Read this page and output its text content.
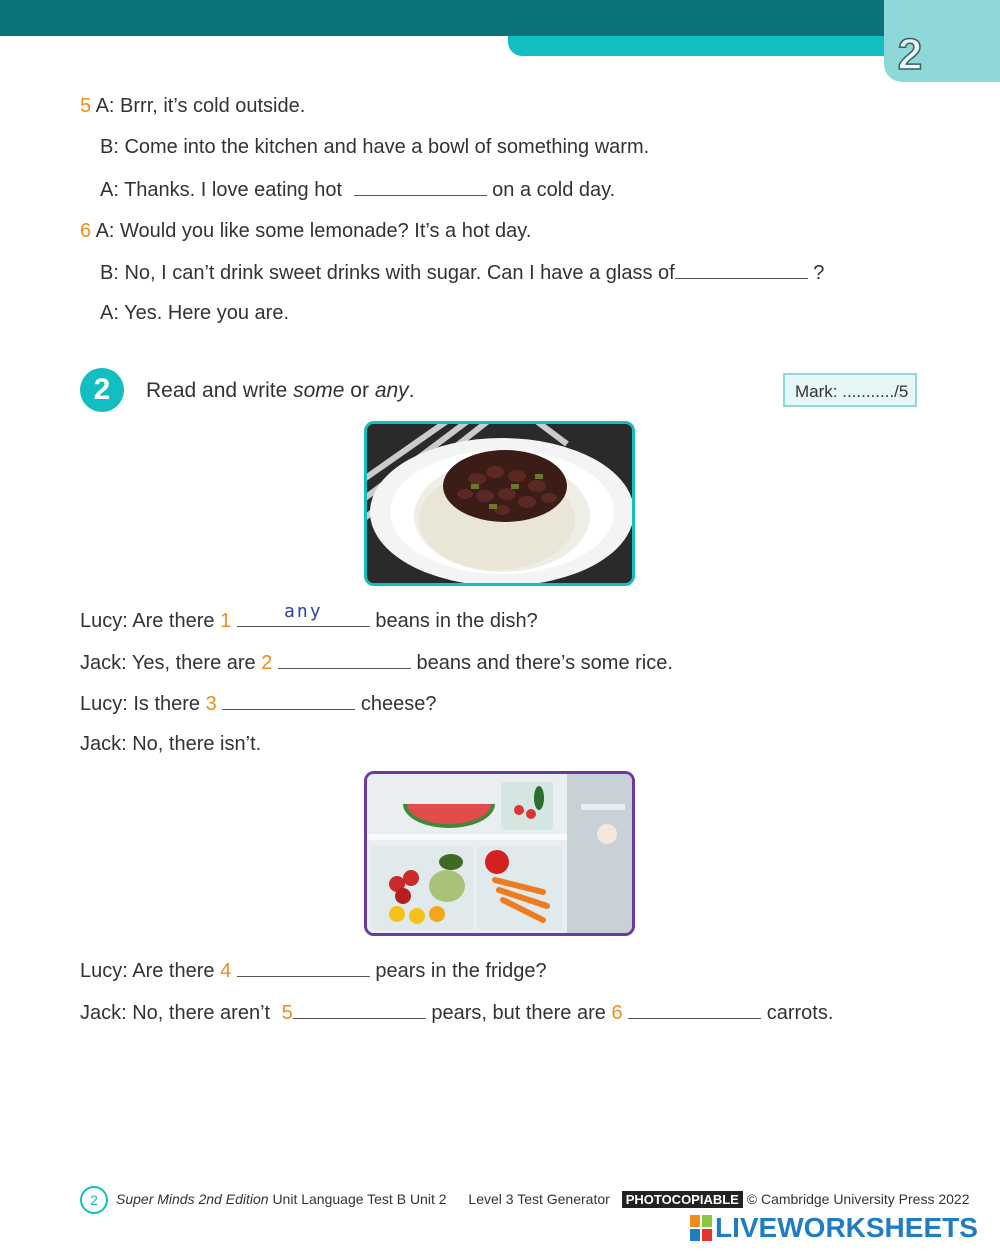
2
5 A: Brrr, it’s cold outside.
B: Come into the kitchen and have a bowl of something warm.
A: Thanks. I love eating hot	on a cold day.
6 A: Would you like some lemonade? It’s a hot day.
B: No, I can’t drink sweet drinks with sugar. Can I have a glass of	?
A: Yes. Here you are.
2	Read and write some or any.	Mark: .........../5
Lucy: Are there 1	any	beans in the dish?
Jack: Yes, there are 2	beans and there’s some rice.
Lucy: Is there 3	cheese?
Jack: No, there isn’t.
Lucy: Are there 4	pears in the fridge?
Jack: No, there aren’t 5	pears, but there are 6	carrots.
2 Super Minds 2nd Edition Unit Language Test B Unit 2 Level 3 Test Generator PHOTOCOPIABLE © Cambridge University Press 2022
LIVEWORKSHEETS
